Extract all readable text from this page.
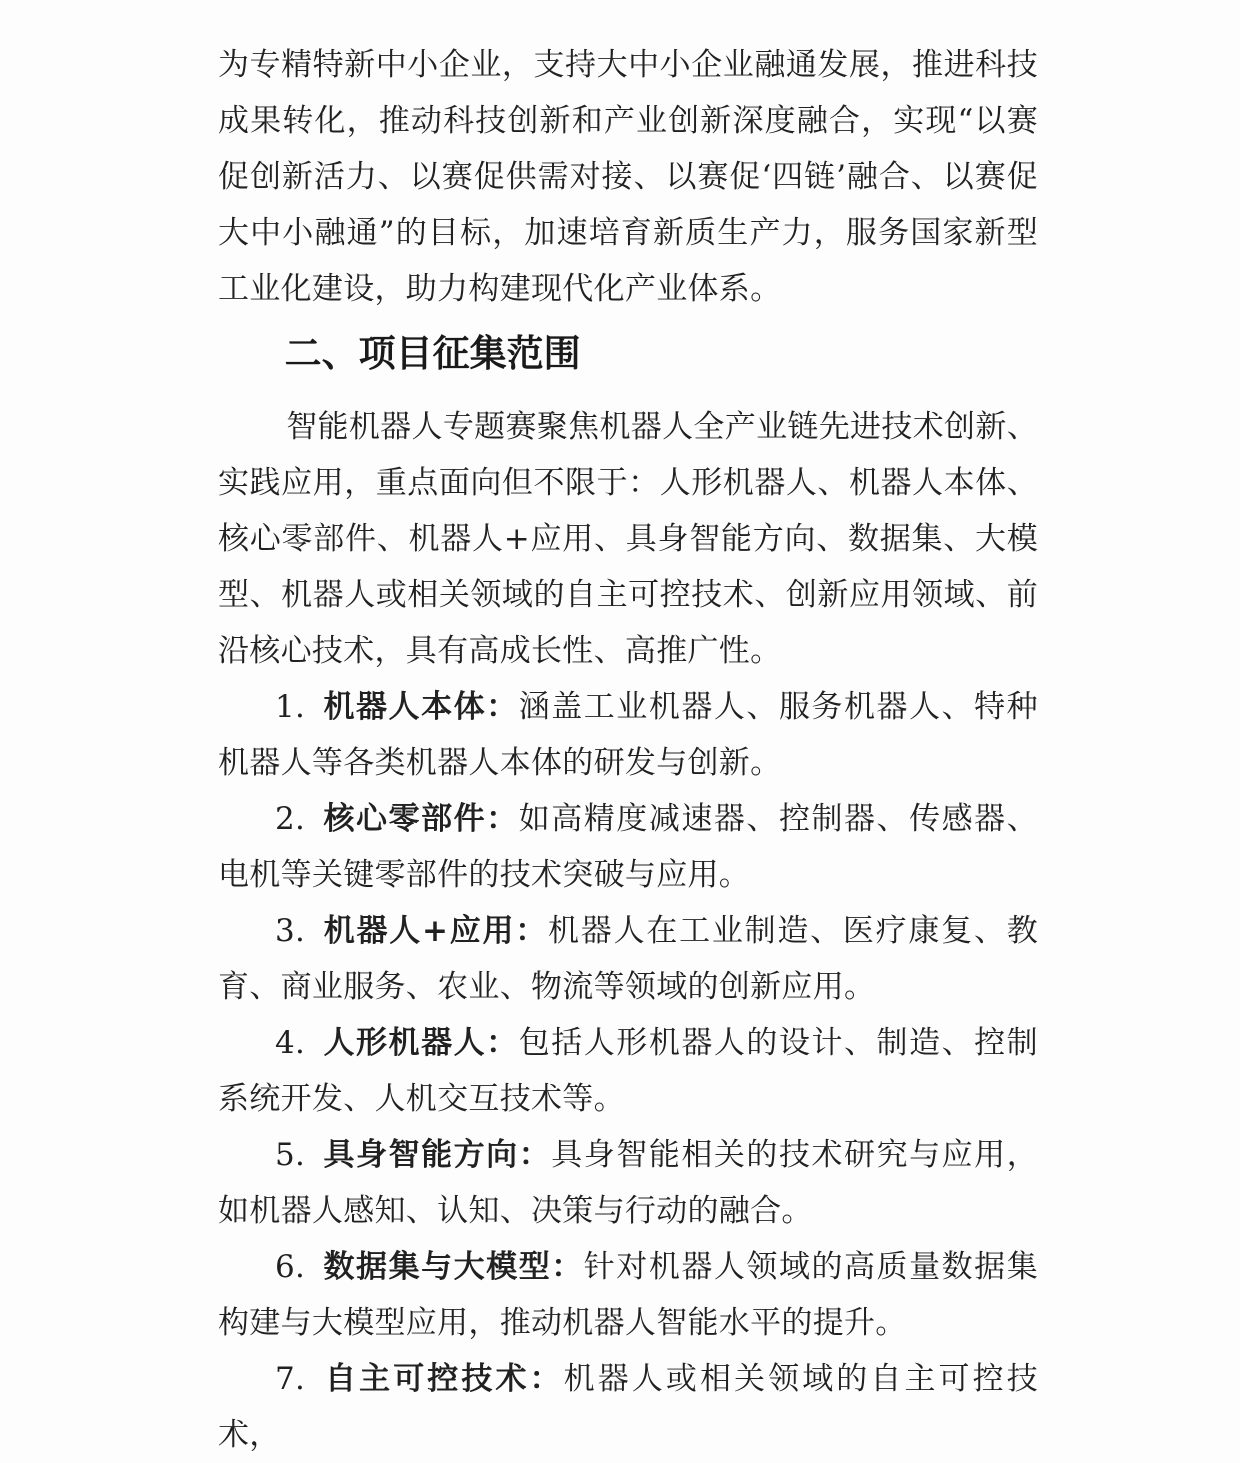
为专精特新中小企业，支持大中小企业融通发展，推进科技成果转化，推动科技创新和产业创新深度融合，实现“以赛促创新活力、以赛促供需对接、以赛促‘四链’融合、以赛促大中小融通”的目标，加速培育新质生产力，服务国家新型工业化建设，助力构建现代化产业体系。

二、项目征集范围

智能机器人专题赛聚焦机器人全产业链先进技术创新、实践应用，重点面向但不限于：人形机器人、机器人本体、核心零部件、机器人+应用、具身智能方向、数据集、大模型、机器人或相关领域的自主可控技术、创新应用领域、前沿核心技术，具有高成长性、高推广性。

1. 机器人本体：涵盖工业机器人、服务机器人、特种机器人等各类机器人本体的研发与创新。

2. 核心零部件：如高精度减速器、控制器、传感器、电机等关键零部件的技术突破与应用。

3. 机器人+应用：机器人在工业制造、医疗康复、教育、商业服务、农业、物流等领域的创新应用。

4. 人形机器人：包括人形机器人的设计、制造、控制系统开发、人机交互技术等。

5. 具身智能方向：具身智能相关的技术研究与应用，如机器人感知、认知、决策与行动的融合。

6. 数据集与大模型：针对机器人领域的高质量数据集构建与大模型应用，推动机器人智能水平的提升。

7. 自主可控技术：机器人或相关领域的自主可控技术，
